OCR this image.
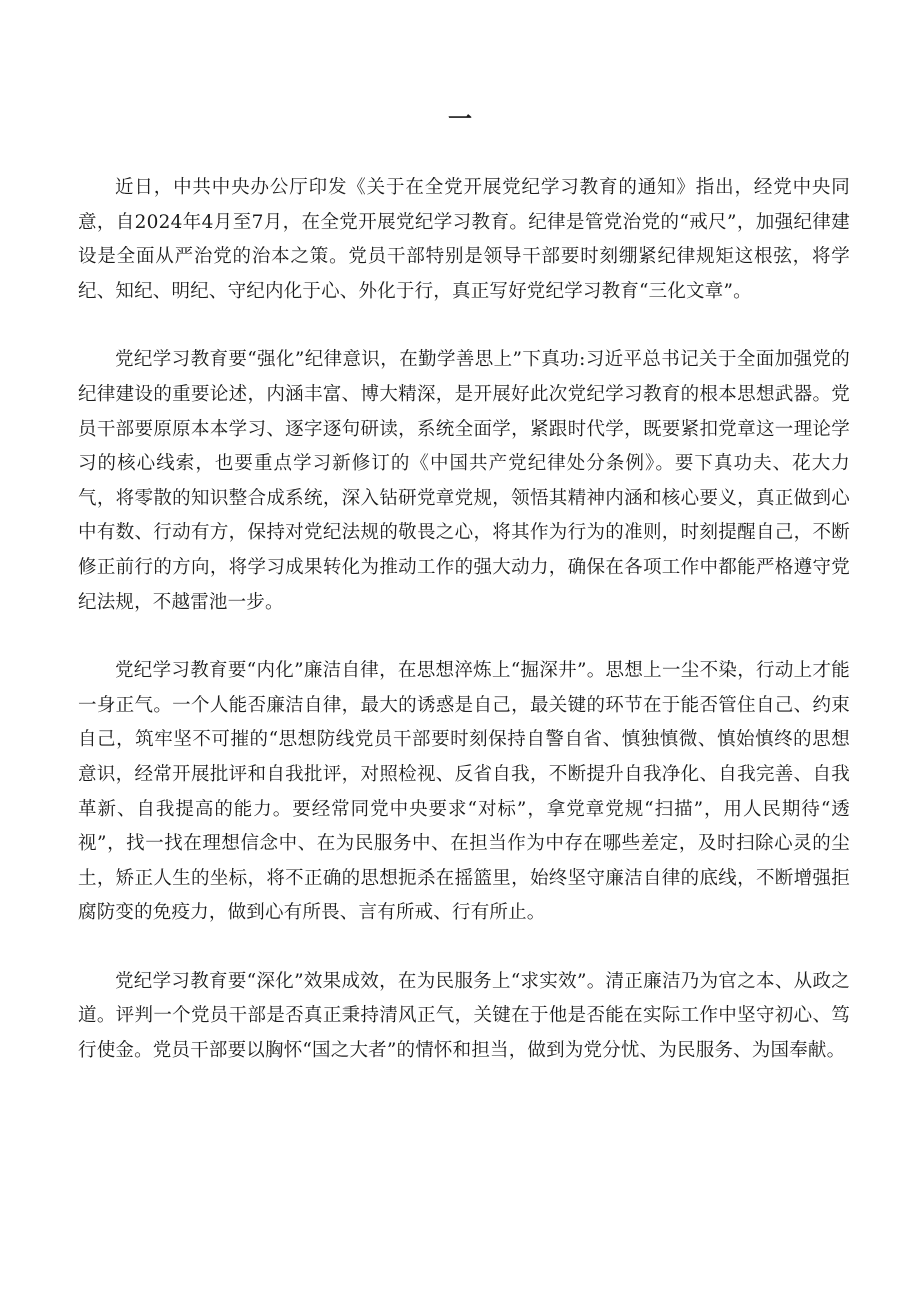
一

近日，中共中央办公厅印发《关于在全党开展党纪学习教育的通知》指出，经党中央同意，自2024年4月至7月，在全党开展党纪学习教育。纪律是管党治党的“戒尺”，加强纪律建设是全面从严治党的治本之策。党员干部特别是领导干部要时刻绷紧纪律规矩这根弦，将学纪、知纪、明纪、守纪内化于心、外化于行，真正写好党纪学习教育“三化文章”。

党纪学习教育要“强化”纪律意识，在勤学善思上”下真功:习近平总书记关于全面加强党的纪律建设的重要论述，内涵丰富、博大精深，是开展好此次党纪学习教育的根本思想武器。党员干部要原原本本学习、逐字逐句研读，系统全面学，紧跟时代学，既要紧扣党章这一理论学习的核心线索，也要重点学习新修订的《中国共产党纪律处分条例》。要下真功夫、花大力气，将零散的知识整合成系统，深入钻研党章党规，领悟其精神内涵和核心要义，真正做到心中有数、行动有方，保持对党纪法规的敬畏之心，将其作为行为的准则，时刻提醒自己，不断修正前行的方向，将学习成果转化为推动工作的强大动力，确保在各项工作中都能严格遵守党纪法规，不越雷池一步。

党纪学习教育要“内化”廉洁自律，在思想淬炼上“掘深井”。思想上一尘不染，行动上才能一身正气。一个人能否廉洁自律，最大的诱惑是自己，最关键的环节在于能否管住自己、约束自己，筑牢坚不可摧的“思想防线党员干部要时刻保持自警自省、慎独慎微、慎始慎终的思想意识，经常开展批评和自我批评，对照检视、反省自我，不断提升自我净化、自我完善、自我革新、自我提高的能力。要经常同党中央要求“对标”，拿党章党规“扫描”，用人民期待“透视”，找一找在理想信念中、在为民服务中、在担当作为中存在哪些差定，及时扫除心灵的尘土，矫正人生的坐标，将不正确的思想扼杀在摇篮里，始终坚守廉洁自律的底线，不断增强拒腐防变的免疫力，做到心有所畏、言有所戒、行有所止。

党纪学习教育要“深化”效果成效，在为民服务上“求实效”。清正廉洁乃为官之本、从政之道。评判一个党员干部是否真正秉持清风正气，关键在于他是否能在实际工作中坚守初心、笃行使金。党员干部要以胸怀“国之大者”的情怀和担当，做到为党分忧、为民服务、为国奉献。
